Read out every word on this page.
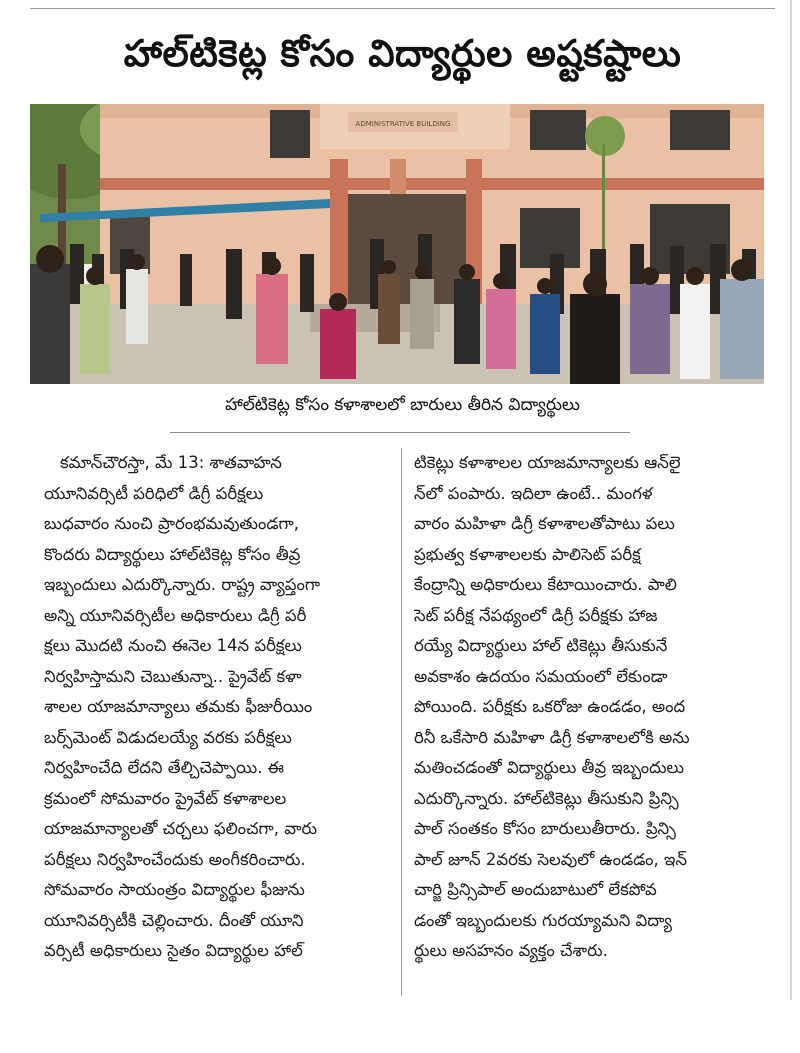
హాల్‌టికెట్ల కోసం విద్యార్థుల అష్టకష్టాలు
ADMINISTRATIVE BUILDING
హాల్‌టికెట్ల కోసం కళాశాలలో బారులు తీరిన విద్యార్థులు
కమాన్‌చౌరస్తా, మే 13: శాతవాహన
యూనివర్సిటీ పరిధిలో డిగ్రీ పరీక్షలు
బుధవారం నుంచి ప్రారంభమవుతుండగా,
కొందరు విద్యార్థులు హాల్‌టికెట్ల కోసం తీవ్ర
ఇబ్బందులు ఎదుర్కొన్నారు. రాష్ట్ర వ్యాప్తంగా
అన్ని యూనివర్సిటీల అధికారులు డిగ్రీ పరీ
క్షలు మొదటి నుంచి ఈనెల 14న పరీక్షలు
నిర్వహిస్తామని చెబుతున్నా.. ప్రైవేట్ కళా
శాలల యాజమాన్యాలు తమకు ఫీజురీయిం
బర్స్‌మెంట్ విడుదలయ్యే వరకు పరీక్షలు
నిర్వహించేది లేదని తేల్చిచెప్పాయి. ఈ
క్రమంలో సోమవారం ప్రైవేట్ కళాశాలల
యాజమాన్యాలతో చర్చలు ఫలించగా, వారు
పరీక్షలు నిర్వహించేందుకు అంగీకరించారు.
సోమవారం సాయంత్రం విద్యార్థుల ఫీజును
యూనివర్సిటీకి చెల్లించారు. దీంతో యూని
వర్సిటీ అధికారులు సైతం విద్యార్థుల హాల్
టికెట్లు కళాశాలల యాజమాన్యాలకు ఆన్‌లై
న్‌లో పంపారు. ఇదిలా ఉంటే.. మంగళ
వారం మహిళా డిగ్రీ కళాశాలతోపాటు పలు
ప్రభుత్వ కళాశాలలకు పాలిసెట్ పరీక్ష
కేంద్రాన్ని అధికారులు కేటాయించారు. పాలి
సెట్ పరీక్ష నేపథ్యంలో డిగ్రీ పరీక్షకు హాజ
రయ్యే విద్యార్థులు హాల్ టికెట్లు తీసుకునే
అవకాశం ఉదయం సమయంలో లేకుండా
పోయింది. పరీక్షకు ఒకరోజు ఉండడం, అంద
రినీ ఒకేసారి మహిళా డిగ్రీ కళాశాలలోకి అను
మతించడంతో విద్యార్థులు తీవ్ర ఇబ్బందులు
ఎదుర్కొన్నారు. హాల్‌టికెట్లు తీసుకుని ప్రిన్సి
పాల్ సంతకం కోసం బారులుతీరారు. ప్రిన్సి
పాల్ జూన్ 2వరకు సెలవులో ఉండడం, ఇన్
చార్జి ప్రిన్సిపాల్ అందుబాటులో లేకపోవ
డంతో ఇబ్బందులకు గురయ్యామని విద్యా
ర్థులు అసహనం వ్యక్తం చేశారు.
